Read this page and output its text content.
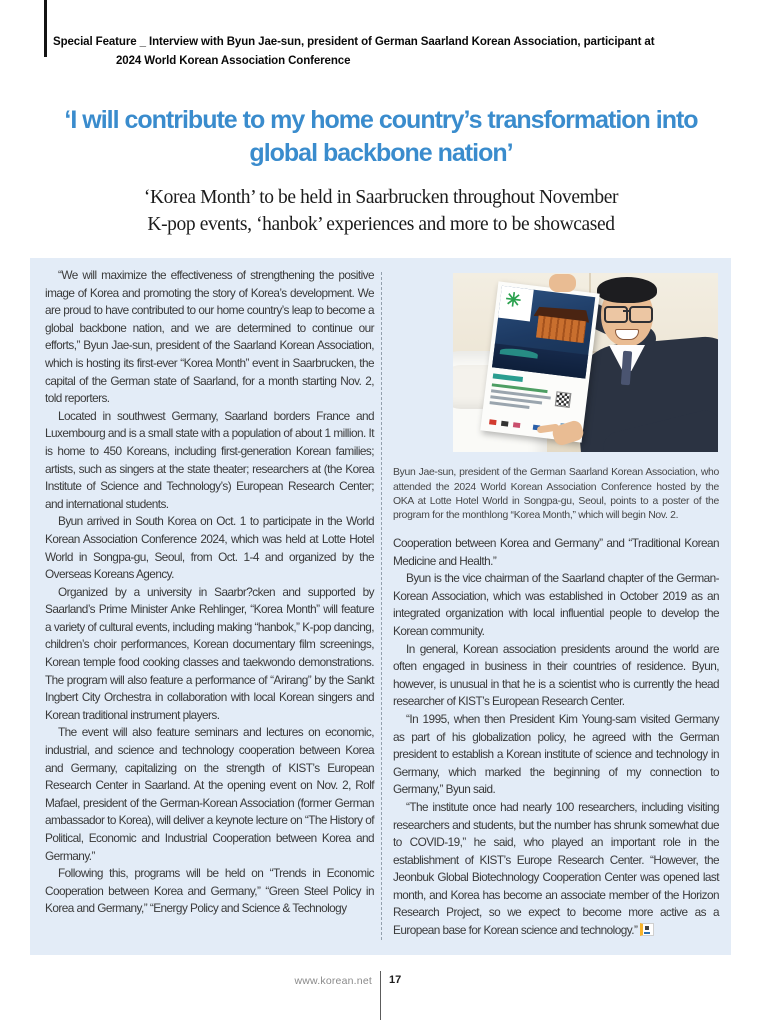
Special Feature _ Interview with Byun Jae-sun, president of German Saarland Korean Association, participant at
2024 World Korean Association Conference
‘I will contribute to my home country’s transformation into
global backbone nation’
‘Korea Month’ to be held in Saarbrucken throughout November
K-pop events, ‘hanbok’ experiences and more to be showcased

“We will maximize the effectiveness of strengthening the positive image of Korea and promoting the story of Korea’s development. We are proud to have contributed to our home country’s leap to become a global backbone nation, and we are determined to continue our efforts,” Byun Jae-sun, president of the Saarland Korean Association, which is hosting its first-ever “Korea Month” event in Saarbrucken, the capital of the German state of Saarland, for a month starting Nov. 2, told reporters.

Located in southwest Germany, Saarland borders France and Luxembourg and is a small state with a population of about 1 million. It is home to 450 Koreans, including first-generation Korean families; artists, such as singers at the state theater; researchers at (the Korea Institute of Science and Technology’s) European Research Center; and international students.

Byun arrived in South Korea on Oct. 1 to participate in the World Korean Association Conference 2024, which was held at Lotte Hotel World in Songpa-gu, Seoul, from Oct. 1-4 and organized by the Overseas Koreans Agency.

Organized by a university in Saarbr?cken and supported by Saarland’s Prime Minister Anke Rehlinger, “Korea Month” will feature a variety of cultural events, including making “hanbok,” K-pop dancing, children’s choir performances, Korean documentary film screenings, Korean temple food cooking classes and taekwondo demonstrations. The program will also feature a performance of “Arirang” by the Sankt Ingbert City Orchestra in collaboration with local Korean singers and Korean traditional instrument players.

The event will also feature seminars and lectures on economic, industrial, and science and technology cooperation between Korea and Germany, capitalizing on the strength of KIST’s European Research Center in Saarland. At the opening event on Nov. 2, Rolf Mafael, president of the German-Korean Association (former German ambassador to Korea), will deliver a keynote lecture on “The History of Political, Economic and Industrial Cooperation between Korea and Germany.”

Following this, programs will be held on “Trends in Economic Cooperation between Korea and Germany,” “Green Steel Policy in Korea and Germany,” “Energy Policy and Science & Technology

✳

Byun Jae-sun, president of the German Saarland Korean Association, who attended the 2024 World Korean Association Conference hosted by the OKA at Lotte Hotel World in Songpa-gu, Seoul, points to a poster of the program for the monthlong “Korea Month,” which will begin Nov. 2.

Cooperation between Korea and Germany” and “Traditional Korean Medicine and Health.”

Byun is the vice chairman of the Saarland chapter of the German-Korean Association, which was established in October 2019 as an integrated organization with local influential people to develop the Korean community.

In general, Korean association presidents around the world are often engaged in business in their countries of residence. Byun, however, is unusual in that he is a scientist who is currently the head researcher of KIST’s European Research Center.

“In 1995, when then President Kim Young-sam visited Germany as part of his globalization policy, he agreed with the German president to establish a Korean institute of science and technology in Germany, which marked the beginning of my connection to Germany,” Byun said.

“The institute once had nearly 100 researchers, including visiting researchers and students, but the number has shrunk somewhat due to COVID-19,” he said, who played an important role in the establishment of KIST’s Europe Research Center. “However, the Jeonbuk Global Biotechnology Cooperation Center was opened last month, and Korea has become an associate member of the Horizon Research Project, so we expect to become more active as a European base for Korean science and technology.”

www.korean.net 17
